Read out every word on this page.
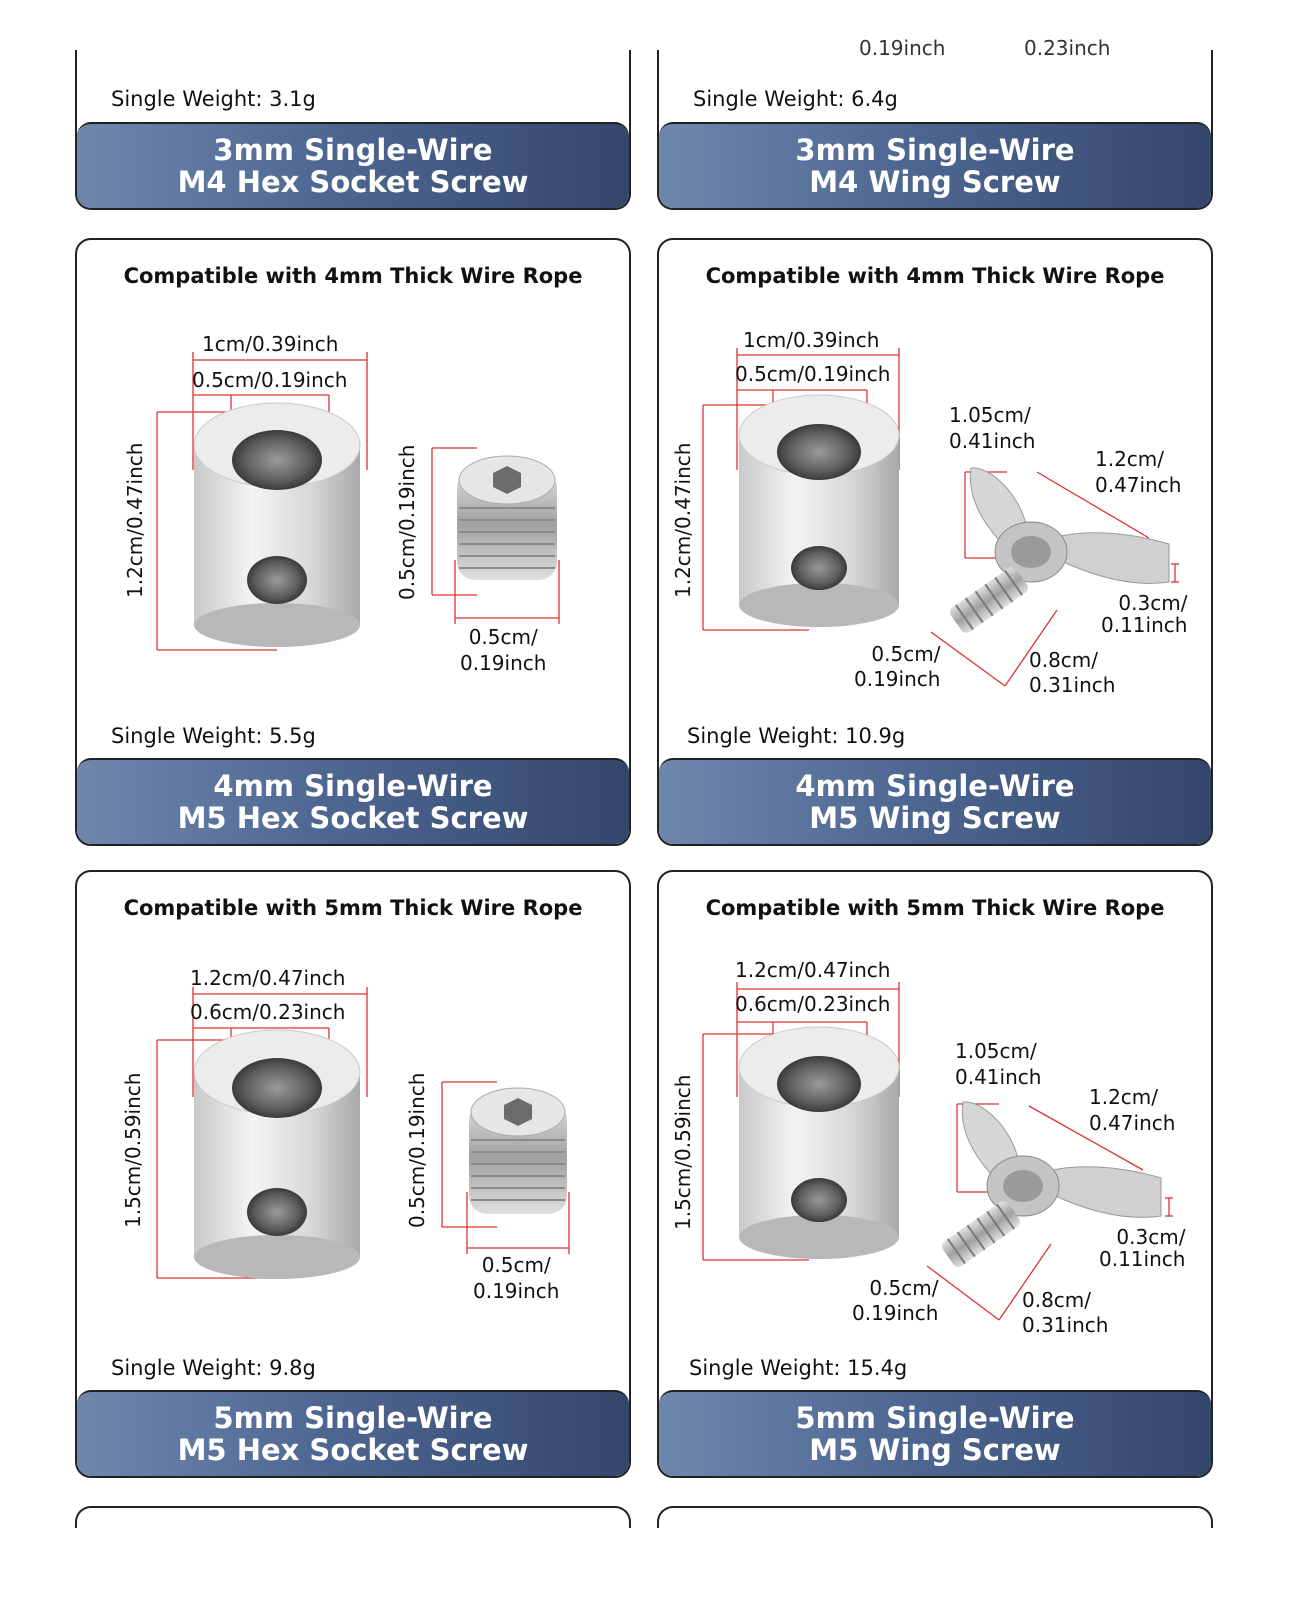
Single Weight: 3.1g
3mm Single-Wire
M4 Hex Socket Screw
0.19inch	0.23inch
Single Weight: 6.4g
3mm Single-Wire
M4 Wing Screw
Compatible with 4mm Thick Wire Rope
1cm/0.39inch
0.5cm/0.19inch
1.2cm/0.47inch	0.5cm/0.19inch
0.5cm/
0.19inch
Single Weight: 5.5g
4mm Single-Wire
M5 Hex Socket Screw
Compatible with 4mm Thick Wire Rope
1cm/0.39inch
0.5cm/0.19inch
1.2cm/0.47inch
1.05cm/
0.41inch
1.2cm/
0.47inch
0.3cm/
0.11inch
0.5cm/
0.19inch
0.8cm/
0.31inch
Single Weight: 10.9g
4mm Single-Wire
M5 Wing Screw
Compatible with 5mm Thick Wire Rope
1.2cm/0.47inch
0.6cm/0.23inch
1.5cm/0.59inch	0.5cm/0.19inch
0.5cm/
0.19inch
Single Weight: 9.8g
5mm Single-Wire
M5 Hex Socket Screw
Compatible with 5mm Thick Wire Rope
1.2cm/0.47inch
0.6cm/0.23inch
1.5cm/0.59inch
1.05cm/
0.41inch
1.2cm/
0.47inch
0.3cm/
0.11inch
0.5cm/
0.19inch
0.8cm/
0.31inch
Single Weight: 15.4g
5mm Single-Wire
M5 Wing Screw
